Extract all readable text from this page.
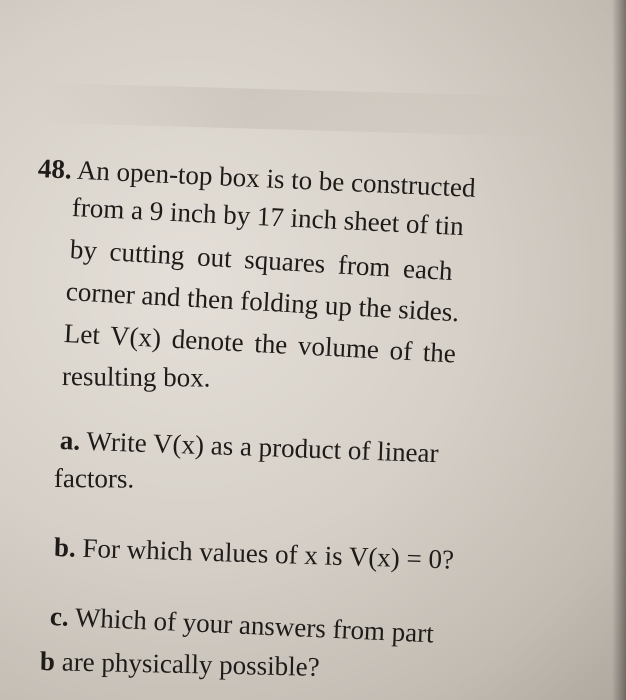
48. An open-top box is to be constructed
from a 9 inch by 17 inch sheet of tin
by cutting out squares from each
corner and then folding up the sides.
Let V(x) denote the volume of the
resulting box.
a. Write V(x) as a product of linear
factors.
b. For which values of x is V(x) = 0?
c. Which of your answers from part
b are physically possible?
